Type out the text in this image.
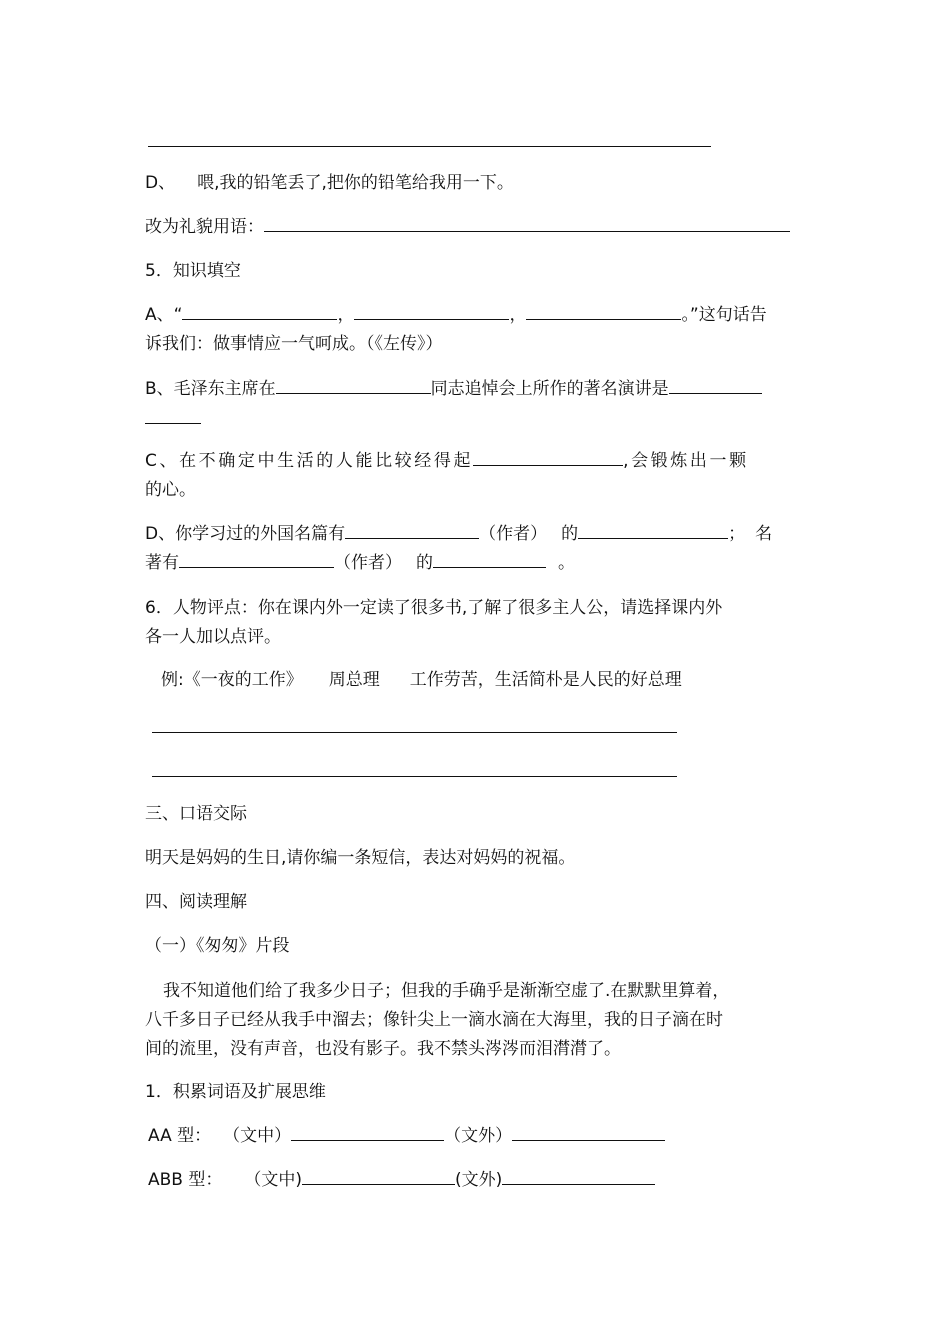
D、 喂,我的铅笔丢了,把你的铅笔给我用一下。
改为礼貌用语：
5．知识填空
A、“	，	，	。”这句话告
诉我们：做事情应一气呵成。（《左传》）
B、毛泽东主席在	同志追悼会上所作的著名演讲是
C、在不确定中生活的人能比较经得起	,会锻炼出一颗
的心。
D、你学习过的外国名篇有	（作者） 的	； 名
著有	（作者） 的	。
6．人物评点：你在课内外一定读了很多书,了解了很多主人公，请选择课内外
各一人加以点评。
例:《一夜的工作》 周总理 工作劳苦，生活简朴是人民的好总理
三、口语交际
明天是妈妈的生日,请你编一条短信，表达对妈妈的祝福。
四、阅读理解
（一）《匆匆》片段
我不知道他们给了我多少日子；但我的手确乎是渐渐空虚了.在默默里算着，
八千多日子已经从我手中溜去；像针尖上一滴水滴在大海里，我的日子滴在时
间的流里，没有声音，也没有影子。我不禁头涔涔而泪潸潸了。
1．积累词语及扩展思维
AA 型： （文中）	（文外）
ABB 型： （文中)	(文外)
